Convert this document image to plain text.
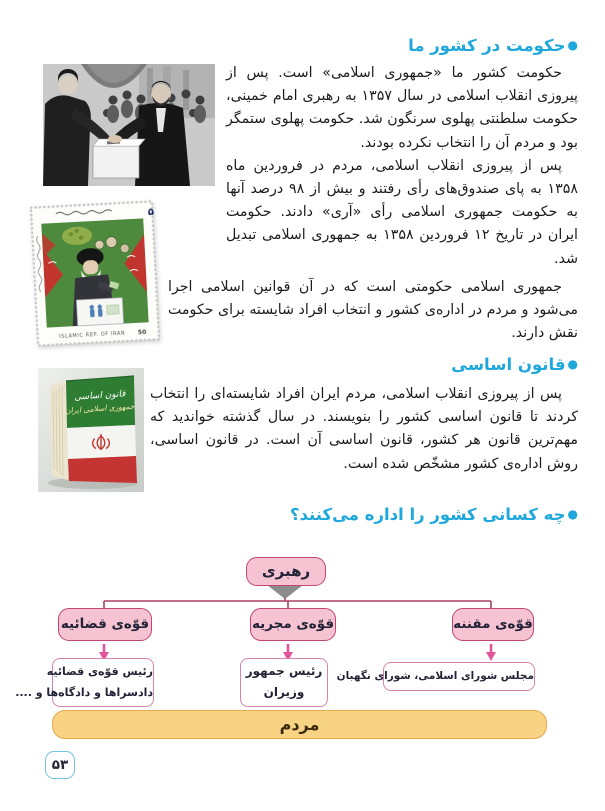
●حکومت در کشور ما

حکومت کشور ما «جمهوری اسلامی» است. پس از پیروزی انقلاب اسلامی در سال ۱۳۵۷ به رهبری امام خمینی، حکومت سلطنتی پهلوی سرنگون شد. حکومت پهلوی ستمگر بود و مردم آن را انتخاب نکرده بودند.

پس از پیروزی انقلاب اسلامی، مردم در فروردین ماه ۱۳۵۸ به پای صندوق‌های رأی رفتند و بیش از ۹۸ درصد آنها به حکومت جمهوری اسلامی رأی «آری» دادند. حکومت ایران در تاریخ ۱۲ فروردین ۱۳۵۸ به جمهوری اسلامی تبدیل شد.

۵۰
ISLAMIC REP. OF IRAN 50

جمهوری اسلامی حکومتی است که در آن قوانین اسلامی اجرا می‌شود و مردم در اداره‌ی کشور و انتخاب افراد شایسته برای حکومت نقش دارند.

●قانون اساسی
قانون اساسی
جمهوری اسلامی ایران

پس از پیروزی انقلاب اسلامی، مردم ایران افراد شایسته‌ای را انتخاب کردند تا قانون اساسی کشور را بنویسند. در سال گذشته خواندید که مهم‌ترین قانون هر کشور، قانون اساسی آن است. در قانون اساسی، روش اداره‌ی کشور مشخّص شده است.

●چه کسانی کشور را اداره می‌کنند؟
رهبری
قوّه‌ی مقننه
قوّه‌ی مجریه
قوّه‌ی قضائیه
مجلس شورای اسلامی، شورای نگهبان
رئیس جمهور
وزیران
رئیس قوّه‌ی قضائیه
دادسراها و دادگاه‌ها و ....
مردم
۵۳
